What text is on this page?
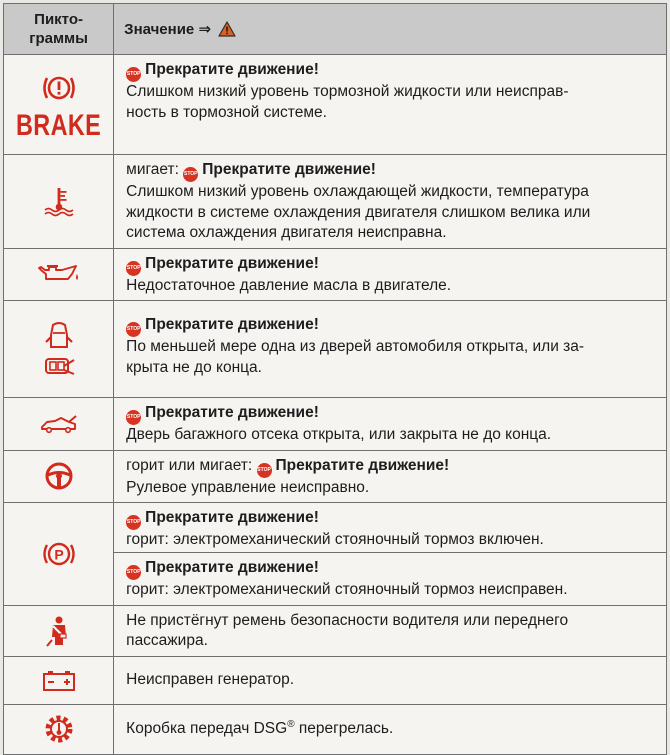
Пикто-
граммы	Значение ⇒

BRAKE	STOP Прекратите движение!
Слишком низкий уровень тормозной жидкости или неисправ-
ность в тормозной системе.

мигает: STOP Прекратите движение!
Слишком низкий уровень охлаждающей жидкости, температура
жидкости в системе охлаждения двигателя слишком велика или
система охлаждения двигателя неисправна.

STOP Прекратите движение!
Недостаточное давление масла в двигателе.

STOP Прекратите движение!
По меньшей мере одна из дверей автомобиля открыта, или за-
крыта не до конца.

STOP Прекратите движение!
Дверь багажного отсека открыта, или закрыта не до конца.

горит или мигает: STOP Прекратите движение!
Рулевое управление неисправно.

P	STOP Прекратите движение!
горит: электромеханический стояночный тормоз включен.
STOP Прекратите движение!
горит: электромеханический стояночный тормоз неисправен.

Не пристёгнут ремень безопасности водителя или переднего
пассажира.

Неисправен генератор.

Коробка передач DSG® перегрелась.
